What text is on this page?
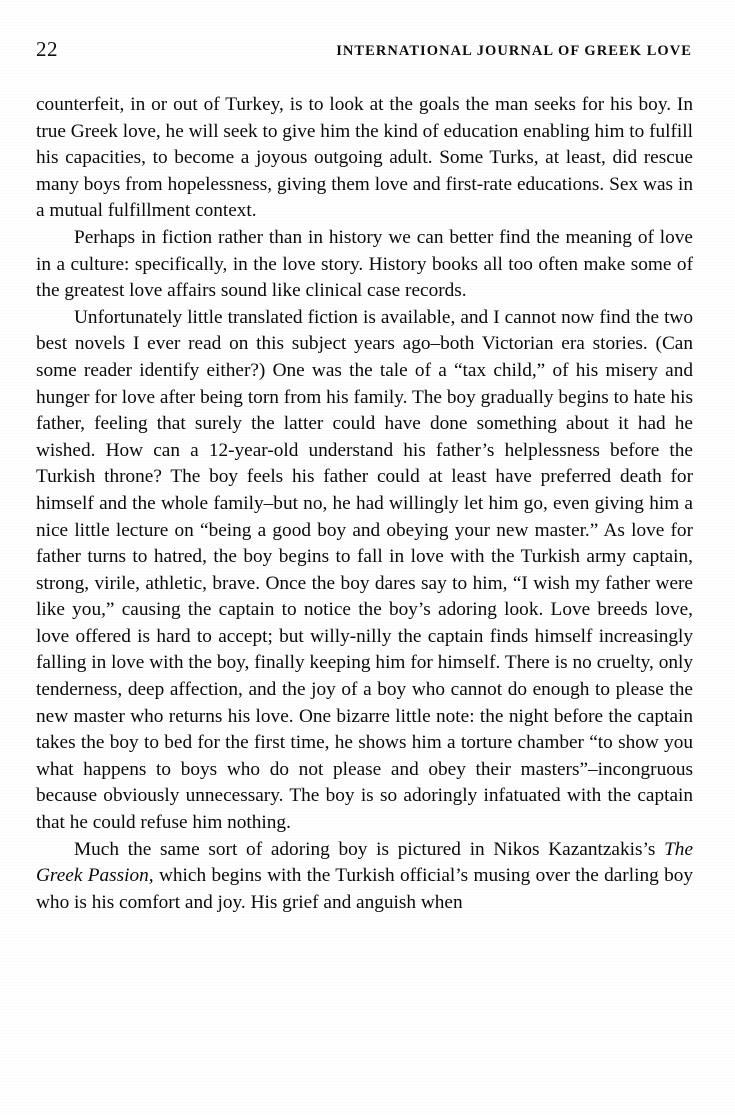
22	INTERNATIONAL JOURNAL OF GREEK LOVE

counterfeit, in or out of Turkey, is to look at the goals the man seeks for his boy. In true Greek love, he will seek to give him the kind of education enabling him to fulfill his capacities, to become a joyous outgoing adult. Some Turks, at least, did rescue many boys from hopelessness, giving them love and first-rate educations. Sex was in a mutual fulfillment context.

Perhaps in fiction rather than in history we can better find the meaning of love in a culture: specifically, in the love story. History books all too often make some of the greatest love affairs sound like clinical case records.

Unfortunately little translated fiction is available, and I cannot now find the two best novels I ever read on this subject years ago–both Victorian era stories. (Can some reader identify either?) One was the tale of a “tax child,” of his misery and hunger for love after being torn from his family. The boy gradually begins to hate his father, feeling that surely the latter could have done something about it had he wished. How can a 12-year-old understand his father’s helplessness before the Turkish throne? The boy feels his father could at least have preferred death for himself and the whole family–but no, he had willingly let him go, even giving him a nice little lecture on “being a good boy and obeying your new master.” As love for father turns to hatred, the boy begins to fall in love with the Turkish army captain, strong, virile, athletic, brave. Once the boy dares say to him, “I wish my father were like you,” causing the captain to notice the boy’s adoring look. Love breeds love, love offered is hard to accept; but willy-nilly the captain finds himself increasingly falling in love with the boy, finally keeping him for himself. There is no cruelty, only tenderness, deep affection, and the joy of a boy who cannot do enough to please the new master who returns his love. One bizarre little note: the night before the captain takes the boy to bed for the first time, he shows him a torture chamber “to show you what happens to boys who do not please and obey their masters”–incongruous because obviously unnecessary. The boy is so adoringly infatuated with the captain that he could refuse him nothing.

Much the same sort of adoring boy is pictured in Nikos Kazantzakis’s The Greek Passion, which begins with the Turkish official’s musing over the darling boy who is his comfort and joy. His grief and anguish when
